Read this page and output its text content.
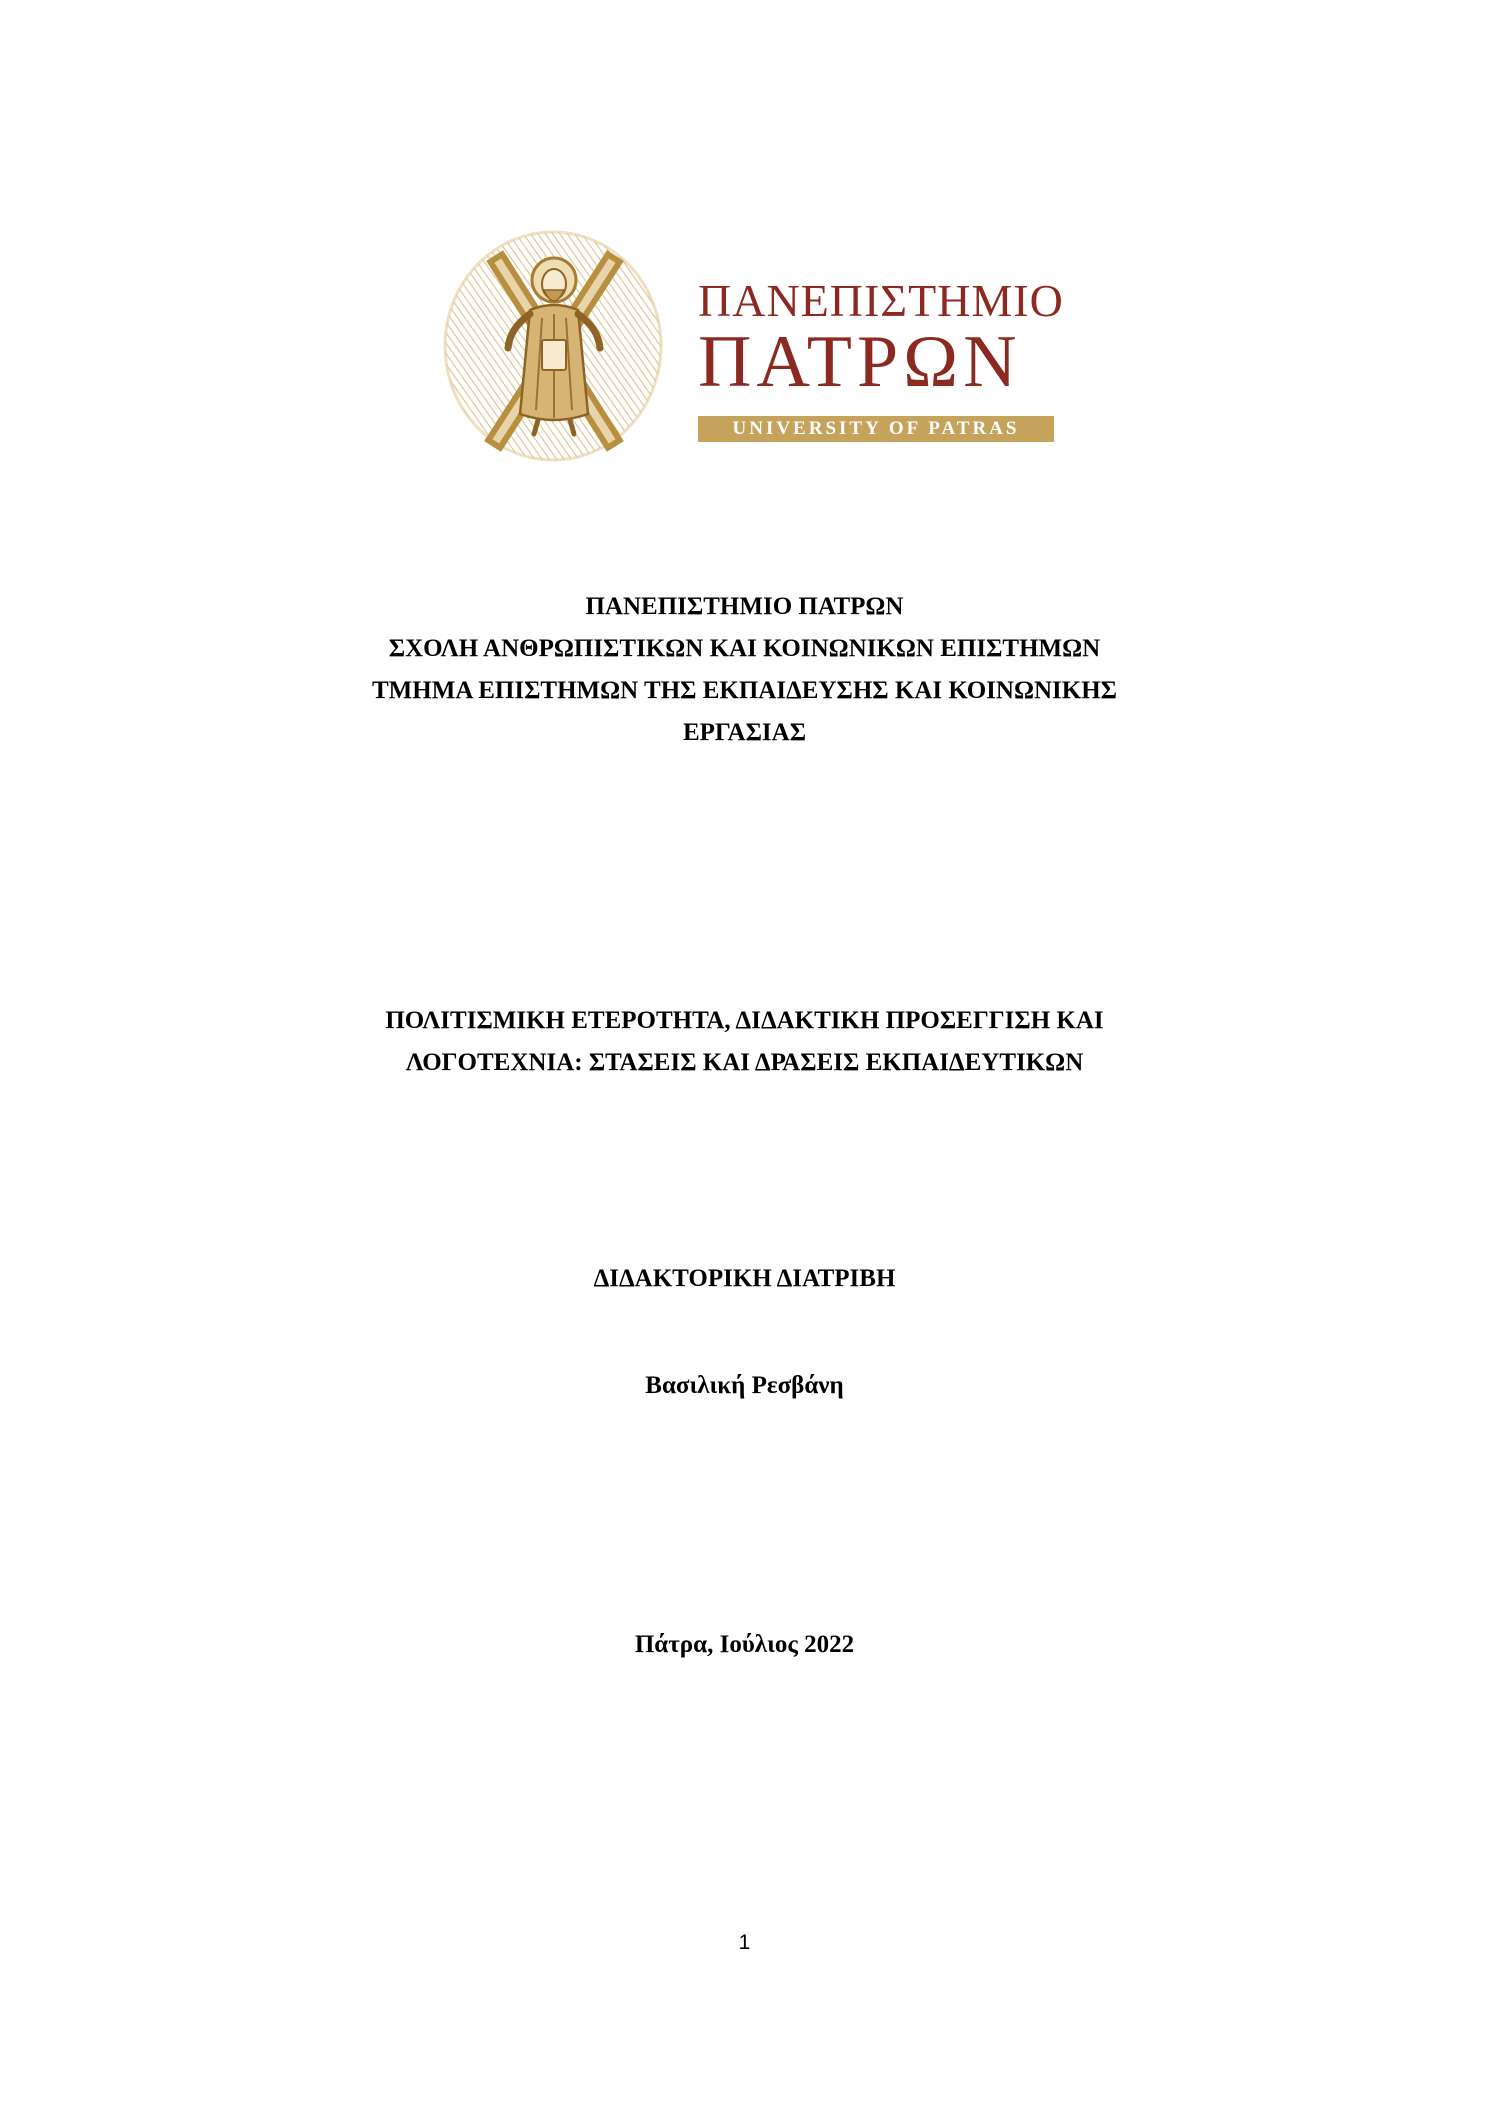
ΠΑΝΕΠΙΣΤΗΜΙΟ
ΠΑΤΡΩΝ
UNIVERSITY OF PATRAS
ΠΑΝΕΠΙΣΤΗΜΙΟ ΠΑΤΡΩΝ
ΣΧΟΛΗ ΑΝΘΡΩΠΙΣΤΙΚΩΝ ΚΑΙ ΚΟΙΝΩΝΙΚΩΝ ΕΠΙΣΤΗΜΩΝ
ΤΜΗΜΑ ΕΠΙΣΤΗΜΩΝ ΤΗΣ ΕΚΠΑΙΔΕΥΣΗΣ ΚΑΙ ΚΟΙΝΩΝΙΚΗΣ
ΕΡΓΑΣΙΑΣ
ΠΟΛΙΤΙΣΜΙΚΗ ΕΤΕΡΟΤΗΤΑ, ΔΙΔΑΚΤΙΚΗ ΠΡΟΣΕΓΓΙΣΗ ΚΑΙ
ΛΟΓΟΤΕΧΝΙΑ: ΣΤΑΣΕΙΣ ΚΑΙ ΔΡΑΣΕΙΣ ΕΚΠΑΙΔΕΥΤΙΚΩΝ
ΔΙΔΑΚΤΟΡΙΚΗ ΔΙΑΤΡΙΒΗ
Βασιλική Ρεσβάνη
Πάτρα, Ιούλιος 2022
1
